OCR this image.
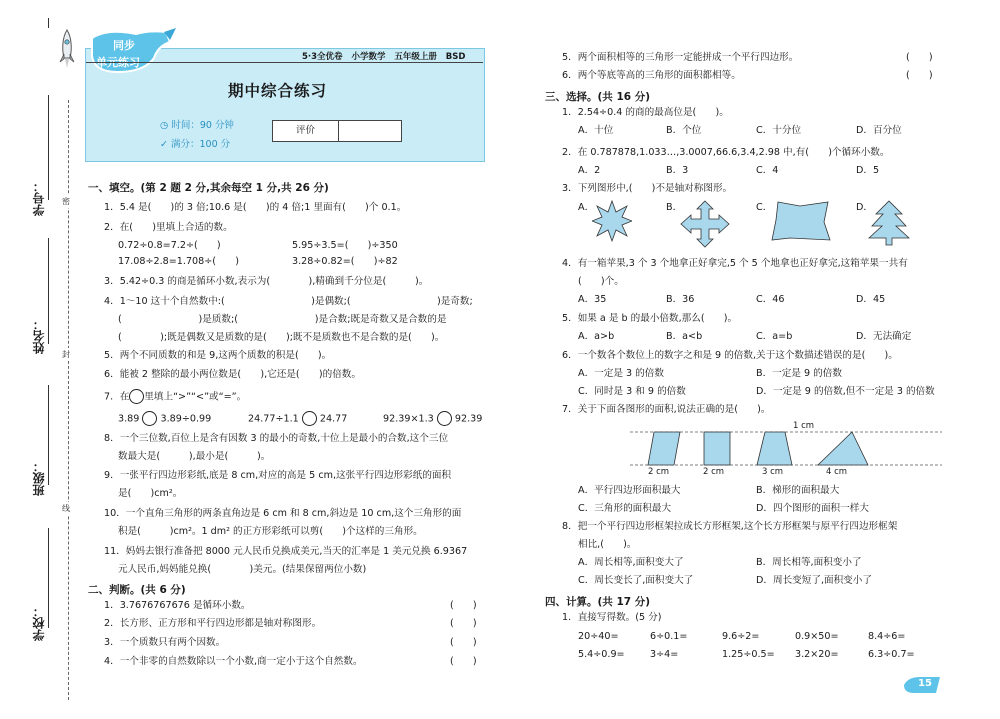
密
封
线
学号：
姓名：
班级：
学校：
同步
单元练习	5·3全优卷 小学数学 五年级上册 BSD
期中综合练习
◷ 时间：90 分钟
✓ 满分：100 分
评价
一、填空。(第 2 题 2 分,其余每空 1 分,共 26 分)
1．5.4 是(　　)的 3 倍;10.6 是(　　)的 4 倍;1 里面有(　　)个 0.1。
2．在(　　)里填上合适的数。
0.72÷0.8=7.2÷(　　)	5.95÷3.5=(　　)÷350
17.08÷2.8=1.708÷(　　)	3.28÷0.82=(　　)÷82
3．5.42÷0.3 的商是循环小数,表示为(　　　　),精确到千分位是(　　　)。
4．1～10 这十个自然数中:(　　　　　　　　　)是偶数;(　　　　　　　　　)是奇数;
(　　　　　　　　)是质数;(　　　　　　　　)是合数;既是奇数又是合数的是
(　　　　);既是偶数又是质数的是(　　);既不是质数也不是合数的是(　　)。
5．两个不同质数的和是 9,这两个质数的积是(　　)。
6．能被 2 整除的最小两位数是(　　),它还是(　　)的倍数。
7．在 里填上“>”“<”或“=”。
3.89 3.89÷0.99	24.77÷1.1 24.77	92.39×1.3 92.39
8．一个三位数,百位上是含有因数 3 的最小的奇数,十位上是最小的合数,这个三位
数最大是(　　　),最小是(　　　)。
9．一张平行四边形彩纸,底是 8 cm,对应的高是 5 cm,这张平行四边形彩纸的面积
是(　　)cm²。
10．一个直角三角形的两条直角边是 6 cm 和 8 cm,斜边是 10 cm,这个三角形的面
积是(　　　)cm²。1 dm² 的正方形彩纸可以剪(　　)个这样的三角形。
11．妈妈去银行准备把 8000 元人民币兑换成美元,当天的汇率是 1 美元兑换 6.9367
元人民币,妈妈能兑换(　　　　)美元。(结果保留两位小数)
二、判断。(共 6 分)
1．3.7676767676 是循环小数。	(　　)
2．长方形、正方形和平行四边形都是轴对称图形。	(　　)
3．一个质数只有两个因数。	(　　)
4．一个非零的自然数除以一个小数,商一定小于这个自然数。	(　　)
5．两个面积相等的三角形一定能拼成一个平行四边形。	(　　)
6．两个等底等高的三角形的面积都相等。	(　　)
三、选择。(共 16 分)
1．2.54÷0.4 的商的最高位是(　　)。
A．十位	B．个位	C．十分位	D．百分位
2．在 0.787878,1.033…,3.0007,66.6,3.4,2.98 中,有(　　)个循环小数。
A．2	B．3	C．4	D．5
3．下列图形中,(　　)不是轴对称图形。
A．	B．	C．	D．
4．有一箱苹果,3 个 3 个地拿正好拿完,5 个 5 个地拿也正好拿完,这箱苹果一共有
(　　)个。
A．35	B．36	C．46	D．45
5．如果 a 是 b 的最小倍数,那么(　　)。
A．a>b	B．a<b	C．a=b	D．无法确定
6．一个数各个数位上的数字之和是 9 的倍数,关于这个数描述错误的是(　　)。
A．一定是 3 的倍数	B．一定是 9 的倍数
C．同时是 3 和 9 的倍数	D．一定是 9 的倍数,但不一定是 3 的倍数
7．关于下面各图形的面积,说法正确的是(　　)。
1 cm
2 cm	2 cm	3 cm	4 cm
A．平行四边形面积最大	B．梯形的面积最大
C．三角形的面积最大	D．四个图形的面积一样大
8．把一个平行四边形框架拉成长方形框架,这个长方形框架与原平行四边形框架
相比,(　　)。
A．周长相等,面积变大了	B．周长相等,面积变小了
C．周长变长了,面积变大了	D．周长变短了,面积变小了
四、计算。(共 17 分)
1．直接写得数。(5 分)
20÷40=	6÷0.1=	9.6÷2=	0.9×50=	8.4÷6=
5.4÷0.9=	3÷4=	1.25÷0.5= 3.2×20=	6.3÷0.7=
15
